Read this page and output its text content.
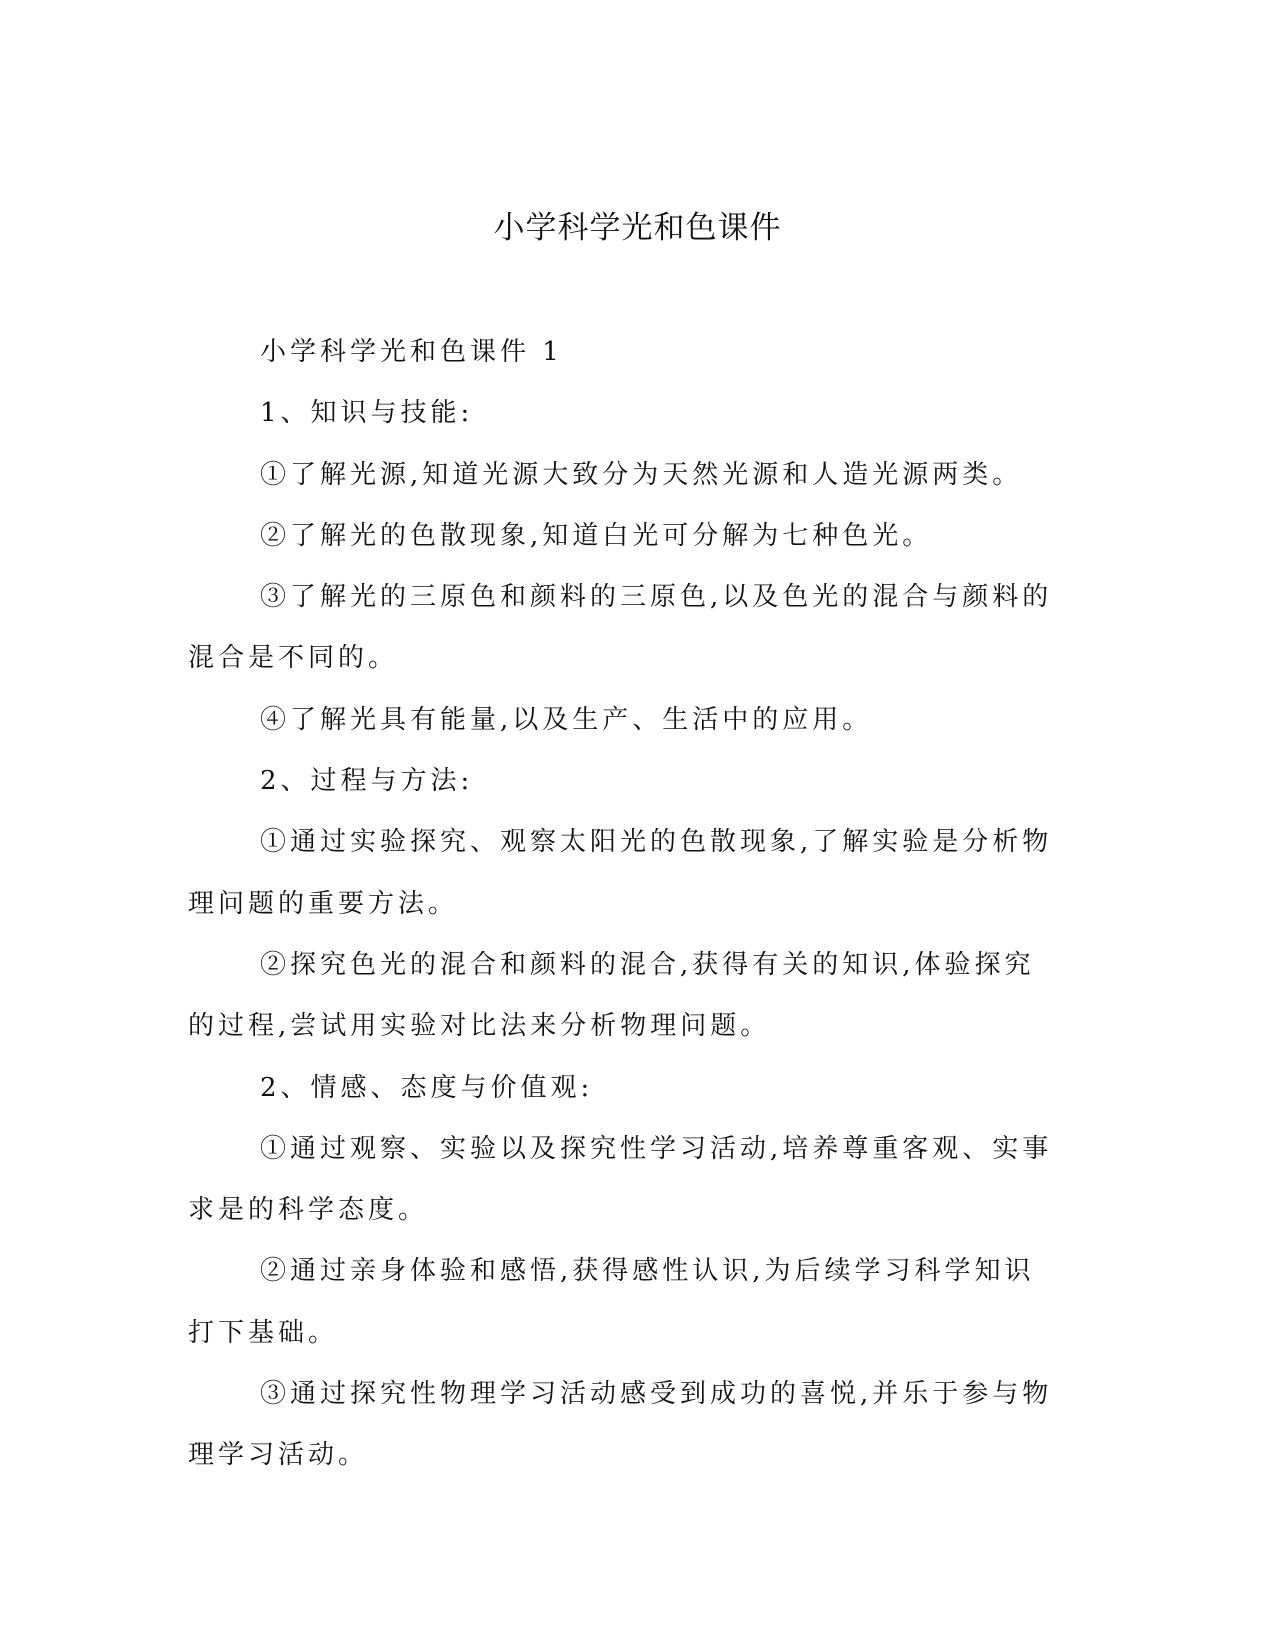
小学科学光和色课件

小学科学光和色课件 1

1、知识与技能:

①了解光源,知道光源大致分为天然光源和人造光源两类。

②了解光的色散现象,知道白光可分解为七种色光。

③了解光的三原色和颜料的三原色,以及色光的混合与颜料的混合是不同的。

④了解光具有能量,以及生产、生活中的应用。

2、过程与方法:

①通过实验探究、观察太阳光的色散现象,了解实验是分析物理问题的重要方法。

②探究色光的混合和颜料的混合,获得有关的知识,体验探究的过程,尝试用实验对比法来分析物理问题。

2、情感、态度与价值观:

①通过观察、实验以及探究性学习活动,培养尊重客观、实事求是的科学态度。

②通过亲身体验和感悟,获得感性认识,为后续学习科学知识打下基础。

③通过探究性物理学习活动感受到成功的喜悦,并乐于参与物理学习活动。
